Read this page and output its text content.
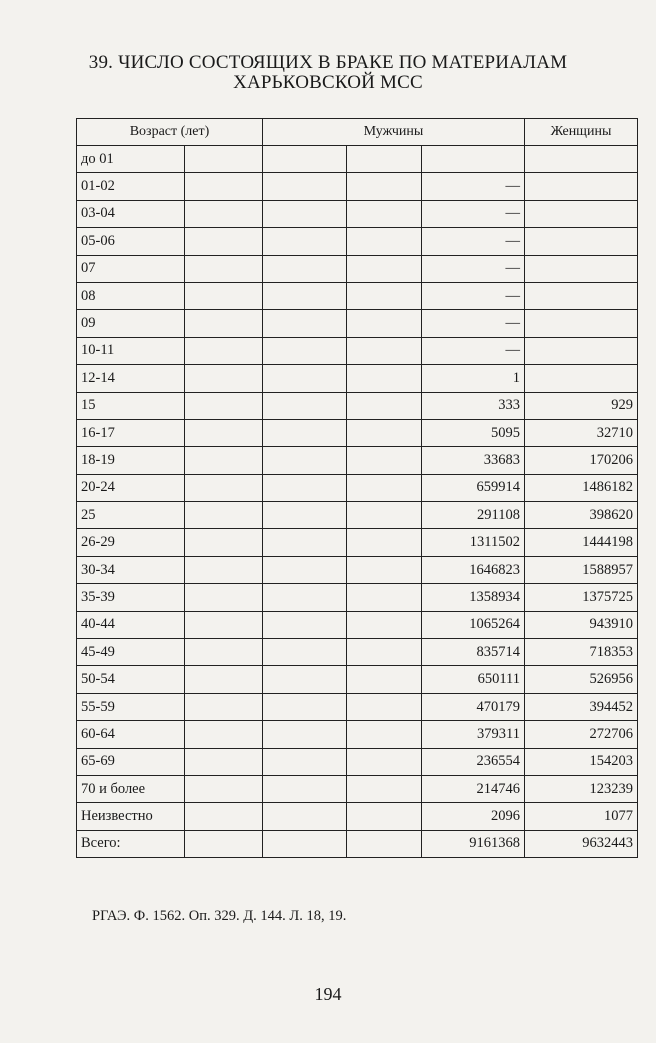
39. ЧИСЛО СОСТОЯЩИХ В БРАКЕ ПО МАТЕРИАЛАМ
ХАРЬКОВСКОЙ МСС
Возраст (лет)		Мужчины			Женщины
до 01					
01-02				—	
03-04				—	
05-06				—	
07				—	
08				—	
09				—	
10-11				—	
12-14				1	
15				333	929
16-17				5095	32710
18-19				33683	170206
20-24				659914	1486182
25				291108	398620
26-29				1311502	1444198
30-34				1646823	1588957
35-39				1358934	1375725
40-44				1065264	943910
45-49				835714	718353
50-54				650111	526956
55-59				470179	394452
60-64				379311	272706
65-69				236554	154203
70 и более				214746	123239
Неизвестно				2096	1077
Всего:				9161368	9632443
РГАЭ. Ф. 1562. Оп. 329. Д. 144. Л. 18, 19.
194
